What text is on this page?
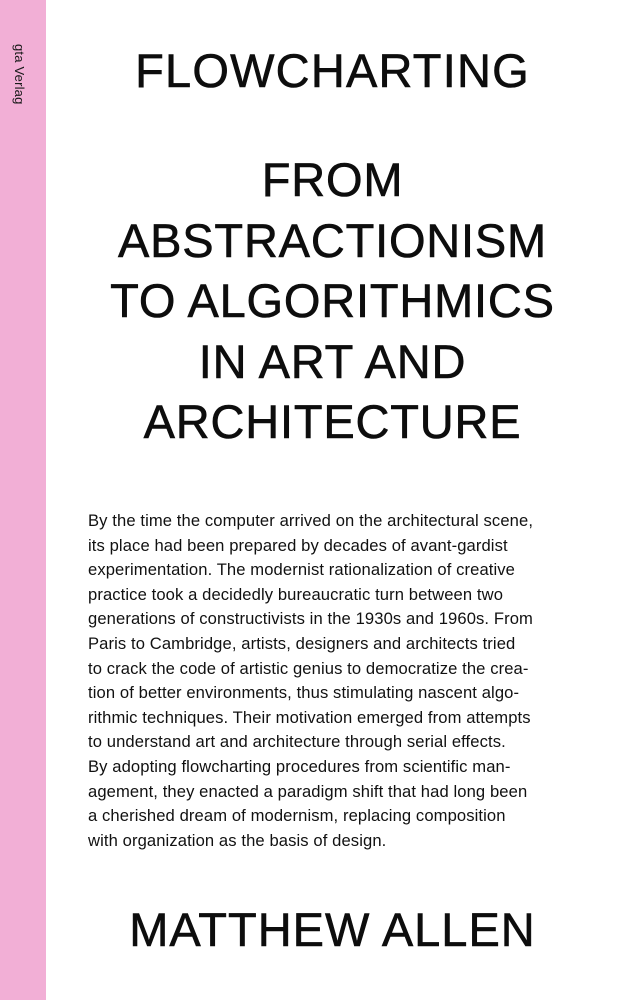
gta Verlag	FLOWCHARTING
FROM
ABSTRACTIONISM
TO ALGORITHMICS
IN ART AND
ARCHITECTURE

By the time the computer arrived on the architectural scene,
its place had been prepared by decades of avant-gardist
experimentation. The modernist rationalization of creative
practice took a decidedly bureaucratic turn between two
generations of constructivists in the 1930s and 1960s. From
Paris to Cambridge, artists, designers and architects tried
to crack the code of artistic genius to democratize the crea-
tion of better environments, thus stimulating nascent algo-
rithmic techniques. Their motivation emerged from attempts
to understand art and architecture through serial effects.
By adopting flowcharting procedures from scientific man-
agement, they enacted a paradigm shift that had long been
a cherished dream of modernism, replacing composition
with organization as the basis of design.

MATTHEW ALLEN
